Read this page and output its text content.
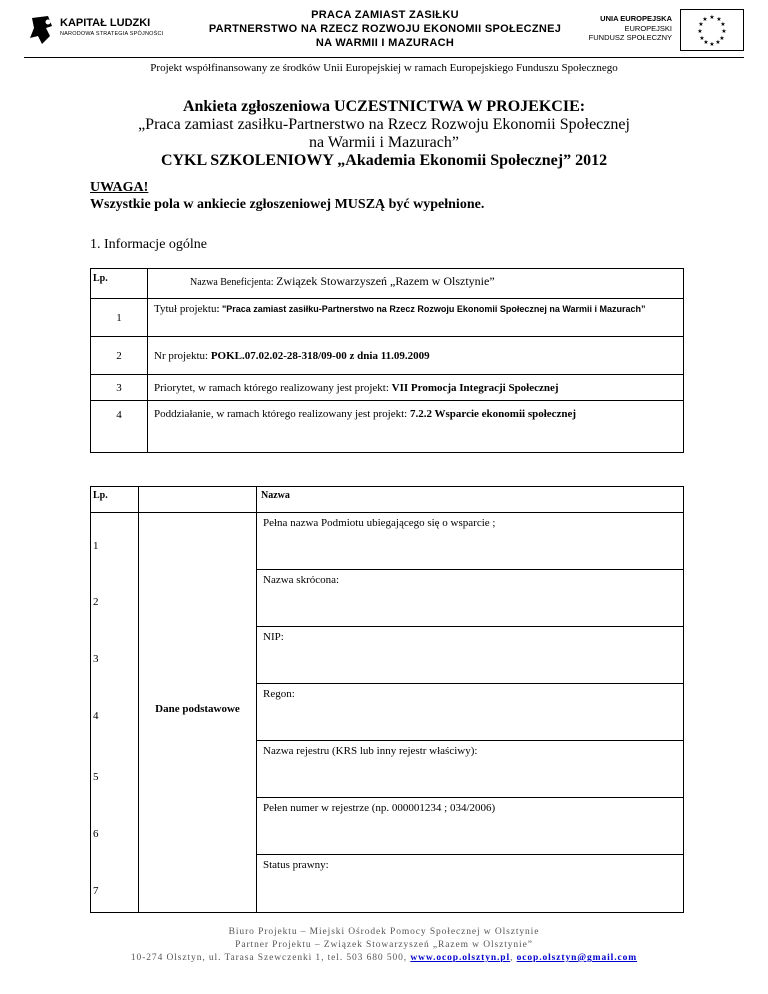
KAPITAŁ LUDZKI
NARODOWA STRATEGIA SPÓJNOŚCI
PRACA ZAMIAST ZASIŁKU
PARTNERSTWO NA RZECZ ROZWOJU EKONOMII SPOŁECZNEJ
NA WARMII I MAZURACH
UNIA EUROPEJSKA
EUROPEJSKI
FUNDUSZ SPOŁECZNY
★ ★
★
★
★
★
★
★
★
★
★
★
Projekt współfinansowany ze środków Unii Europejskiej w ramach Europejskiego Funduszu Społecznego
Ankieta zgłoszeniowa UCZESTNICTWA W PROJEKCIE:
„Praca zamiast zasiłku-Partnerstwo na Rzecz Rozwoju Ekonomii Społecznej
na Warmii i Mazurach”
CYKL SZKOLENIOWY „Akademia Ekonomii Społecznej” 2012
UWAGA!
Wszystkie pola w ankiecie zgłoszeniowej MUSZĄ być wypełnione.
1. Informacje ogólne
Lp.	Nazwa Beneficjenta: Związek Stowarzyszeń „Razem w Olsztynie”
1	Tytuł projektu: "Praca zamiast zasiłku-Partnerstwo na Rzecz Rozwoju Ekonomii Społecznej na Warmii i Mazurach”
2	Nr projektu: POKL.07.02.02-28-318/09-00 z dnia 11.09.2009
3	Priorytet, w ramach którego realizowany jest projekt: VII Promocja Integracji Społecznej
4	Poddziałanie, w ramach którego realizowany jest projekt: 7.2.2 Wsparcie ekonomii społecznej
Lp.		Nazwa
1	Dane podstawowe	Pełna nazwa Podmiotu ubiegającego się o wsparcie ;
2		Nazwa skrócona:
3		NIP:
4		Regon:
5		Nazwa rejestru (KRS lub inny rejestr właściwy):
6		Pełen numer w rejestrze (np. 000001234 ; 034/2006)
7		Status prawny:
Biuro Projektu – Miejski Ośrodek Pomocy Społecznej w Olsztynie
Partner Projektu – Związek Stowarzyszeń „Razem w Olsztynie”
10-274 Olsztyn, ul. Tarasa Szewczenki 1, tel. 503 680 500, www.ocop.olsztyn.pl, ocop.olsztyn@gmail.com
